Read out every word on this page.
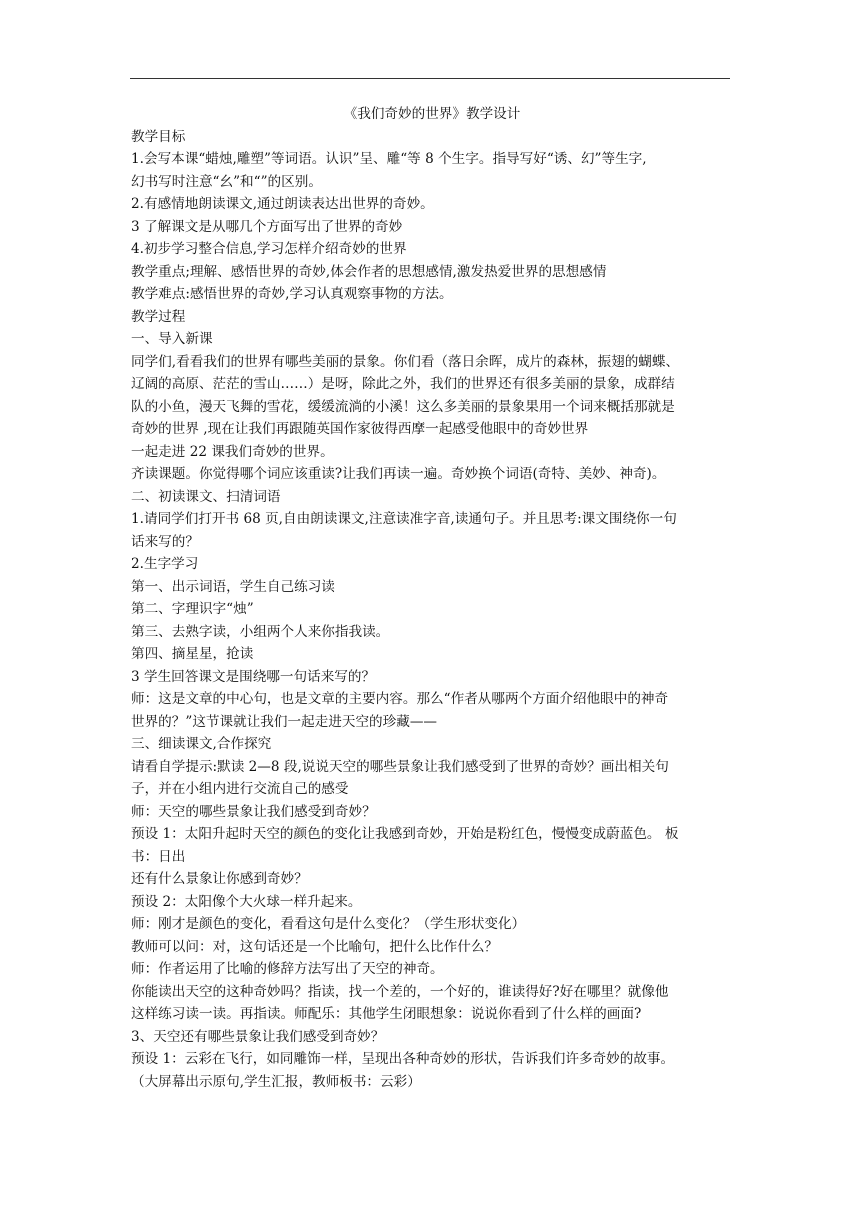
《我们奇妙的世界》教学设计
教学目标
1.会写本课“蜡烛,雕塑”等词语。认识”呈、雕“等 8 个生字。指导写好“诱、幻”等生字,
幻书写时注意“幺”和“”的区别。
2.有感情地朗读课文,通过朗读表达出世界的奇妙。
3 了解课文是从哪几个方面写出了世界的奇妙
4.初步学习整合信息,学习怎样介绍奇妙的世界
教学重点;理解、感悟世界的奇妙,体会作者的思想感情,激发热爱世界的思想感情
教学难点:感悟世界的奇妙,学习认真观察事物的方法。
教学过程
一、导入新课
同学们,看看我们的世界有哪些美丽的景象。你们看（落日余晖，成片的森林，振翅的蝴蝶、
辽阔的高原、茫茫的雪山……）是呀，除此之外，我们的世界还有很多美丽的景象，成群结
队的小鱼，漫天飞舞的雪花，缓缓流淌的小溪！这么多美丽的景象果用一个词来概括那就是
奇妙的世界 ,现在让我们再跟随英国作家彼得西摩一起感受他眼中的奇妙世界
一起走进 22 课我们奇妙的世界。
齐读课题。你觉得哪个词应该重读?让我们再读一遍。奇妙换个词语(奇特、美妙、神奇)。
二、初读课文、扫清词语
1.请同学们打开书 68 页,自由朗读课文,注意读准字音,读通句子。并且思考:课文围绕你一句
话来写的？
2.生字学习
第一、出示词语，学生自己练习读
第二、字理识字“烛”
第三、去熟字读，小组两个人来你指我读。
第四、摘星星，抢读
3 学生回答课文是围绕哪一句话来写的？
师：这是文章的中心句，也是文章的主要内容。那么“作者从哪两个方面介绍他眼中的神奇
世界的？”这节课就让我们一起走进天空的珍藏——
三、细读课文,合作探究
请看自学提示:默读 2—8 段,说说天空的哪些景象让我们感受到了世界的奇妙？画出相关句
子，并在小组内进行交流自己的感受
师：天空的哪些景象让我们感受到奇妙？
预设 1：太阳升起时天空的颜色的变化让我感到奇妙，开始是粉红色，慢慢变成蔚蓝色。 板
书：日出
还有什么景象让你感到奇妙？
预设 2：太阳像个大火球一样升起来。
师：刚才是颜色的变化，看看这句是什么变化？（学生形状变化）
教师可以问：对，这句话还是一个比喻句，把什么比作什么？
师：作者运用了比喻的修辞方法写出了天空的神奇。
你能读出天空的这种奇妙吗？指读，找一个差的，一个好的，谁读得好?好在哪里？就像他
这样练习读一读。再指读。师配乐：其他学生闭眼想象：说说你看到了什么样的画面?
3、天空还有哪些景象让我们感受到奇妙？
预设 1：云彩在飞行，如同雕饰一样，呈现出各种奇妙的形状，告诉我们许多奇妙的故事。
（大屏幕出示原句,学生汇报，教师板书：云彩）
